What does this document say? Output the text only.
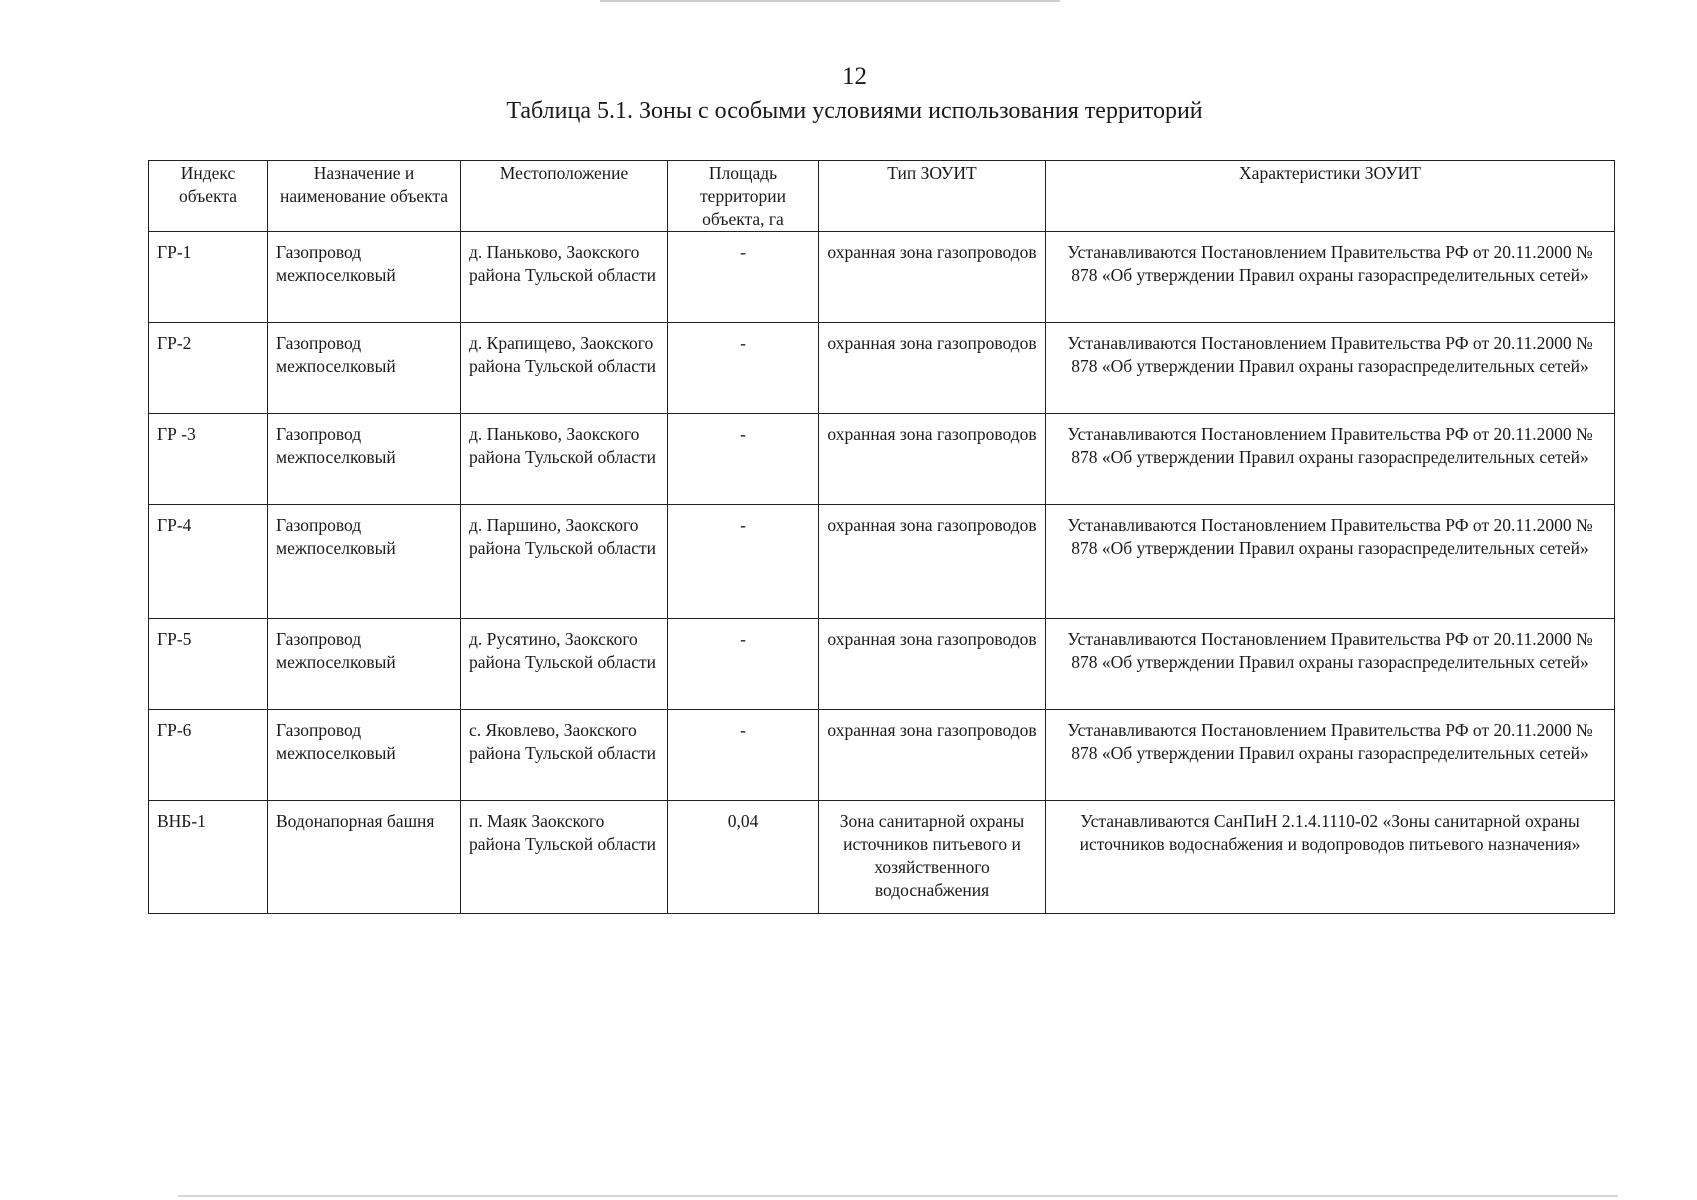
12
Таблица 5.1. Зоны с особыми условиями использования территорий
Индекс объекта	Назначение и наименование объекта	Местоположение	Площадь территории объекта, га	Тип ЗОУИТ	Характеристики ЗОУИТ
ГР-1	Газопровод межпоселковый	д. Паньково, Заокского района Тульской области	-	охранная зона газопроводов	Устанавливаются Постановлением Правительства РФ от 20.11.2000 № 878 «Об утверждении Правил охраны газораспределительных сетей»
ГР-2	Газопровод межпоселковый	д. Крапищево, Заокского района Тульской области	-	охранная зона газопроводов	Устанавливаются Постановлением Правительства РФ от 20.11.2000 № 878 «Об утверждении Правил охраны газораспределительных сетей»
ГР -3	Газопровод межпоселковый	д. Паньково, Заокского района Тульской области	-	охранная зона газопроводов	Устанавливаются Постановлением Правительства РФ от 20.11.2000 № 878 «Об утверждении Правил охраны газораспределительных сетей»
ГР-4	Газопровод межпоселковый	д. Паршино, Заокского района Тульской области	-	охранная зона газопроводов	Устанавливаются Постановлением Правительства РФ от 20.11.2000 № 878 «Об утверждении Правил охраны газораспределительных сетей»
ГР-5	Газопровод межпоселковый	д. Русятино, Заокского района Тульской области	-	охранная зона газопроводов	Устанавливаются Постановлением Правительства РФ от 20.11.2000 № 878 «Об утверждении Правил охраны газораспределительных сетей»
ГР-6	Газопровод межпоселковый	с. Яковлево, Заокского района Тульской области	-	охранная зона газопроводов	Устанавливаются Постановлением Правительства РФ от 20.11.2000 № 878 «Об утверждении Правил охраны газораспределительных сетей»
ВНБ-1	Водонапорная башня	п. Маяк Заокского района Тульской области	0,04	Зона санитарной охраны источников питьевого и хозяйственного водоснабжения	Устанавливаются СанПиН 2.1.4.1110-02 «Зоны санитарной охраны источников водоснабжения и водопроводов питьевого назначения»
